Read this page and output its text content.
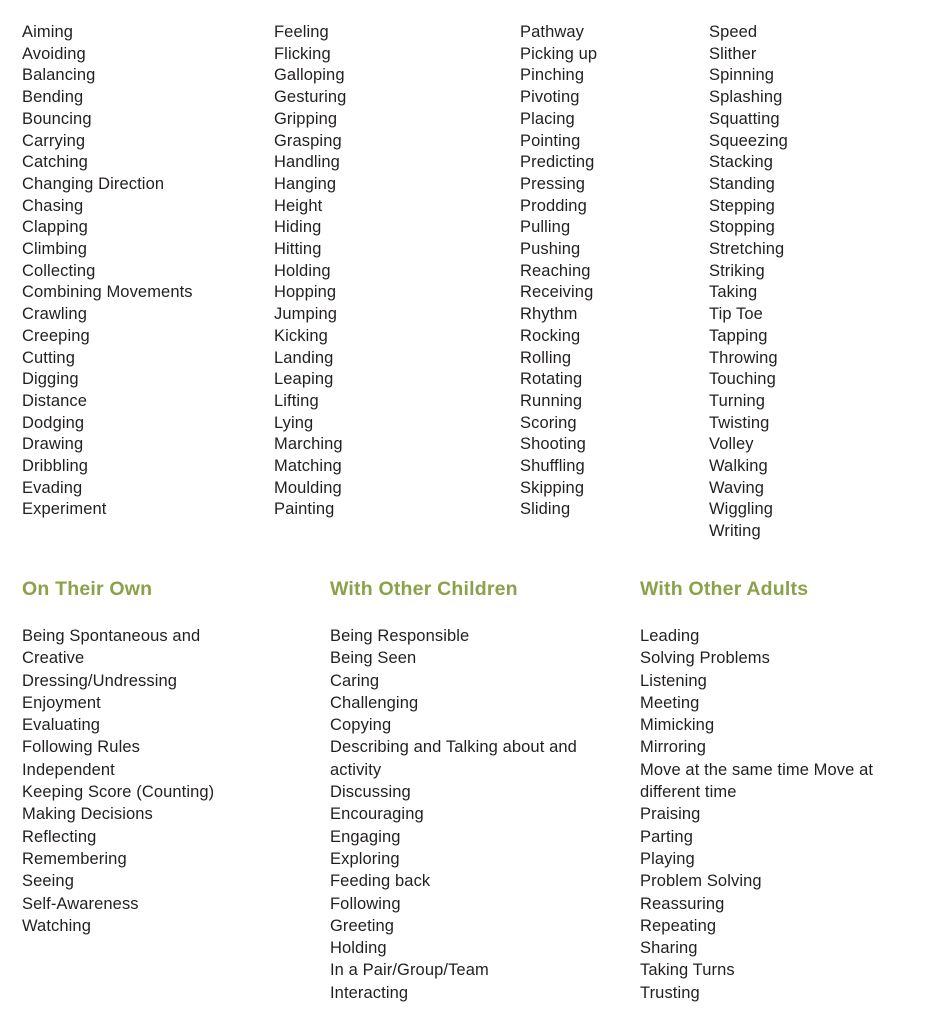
Aiming
Avoiding
Balancing
Bending
Bouncing
Carrying
Catching
Changing Direction
Chasing
Clapping
Climbing
Collecting
Combining Movements
Crawling
Creeping
Cutting
Digging
Distance
Dodging
Drawing
Dribbling
Evading
Experiment
Feeling
Flicking
Galloping
Gesturing
Gripping
Grasping
Handling
Hanging
Height
Hiding
Hitting
Holding
Hopping
Jumping
Kicking
Landing
Leaping
Lifting
Lying
Marching
Matching
Moulding
Painting
Pathway
Picking up
Pinching
Pivoting
Placing
Pointing
Predicting
Pressing
Prodding
Pulling
Pushing
Reaching
Receiving
Rhythm
Rocking
Rolling
Rotating
Running
Scoring
Shooting
Shuffling
Skipping
Sliding
Speed
Slither
Spinning
Splashing
Squatting
Squeezing
Stacking
Standing
Stepping
Stopping
Stretching
Striking
Taking
Tip Toe
Tapping
Throwing
Touching
Turning
Twisting
Volley
Walking
Waving
Wiggling
Writing
On Their Own	With Other Children	With Other Adults
Being Spontaneous and Creative
Dressing/Undressing
Enjoyment
Evaluating
Following Rules
Independent
Keeping Score (Counting)
Making Decisions
Reflecting
Remembering
Seeing
Self-Awareness
Watching
Being Responsible
Being Seen
Caring
Challenging
Copying
Describing and Talking about and activity
Discussing
Encouraging
Engaging
Exploring
Feeding back
Following
Greeting
Holding
In a Pair/Group/Team
Interacting
Leading
Solving Problems
Listening
Meeting
Mimicking
Mirroring
Move at the same time Move at different time
Praising
Parting
Playing
Problem Solving
Reassuring
Repeating
Sharing
Taking Turns
Trusting
